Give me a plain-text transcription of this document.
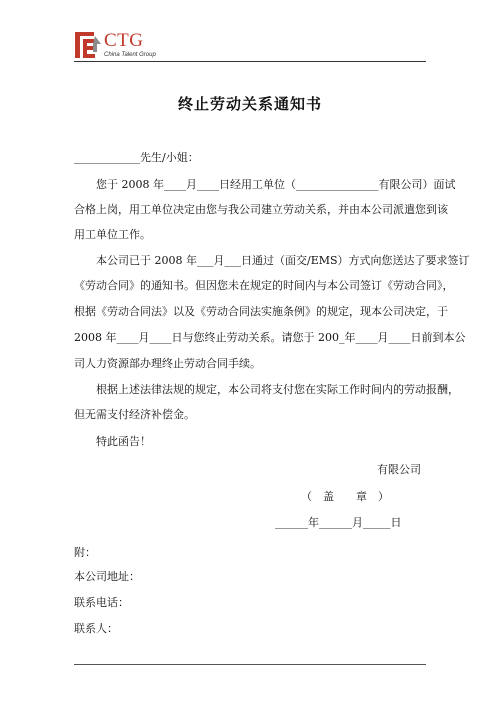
CTG
China Talent Group
终止劳动关系通知书
____________先生/小姐：
您于 2008 年____月____日经用工单位（_______________有限公司）面试
合格上岗，用工单位决定由您与我公司建立劳动关系，并由本公司派遣您到该
用工单位工作。
本公司已于 2008 年___月___日通过（面交/EMS）方式向您送达了要求签订
《劳动合同》的通知书。但因您未在规定的时间内与本公司签订《劳动合同》，
根据《劳动合同法》以及《劳动合同法实施条例》的规定，现本公司决定，于
2008 年____月____日与您终止劳动关系。请您于 200_年____月____日前到本公
司人力资源部办理终止劳动合同手续。
根据上述法律法规的规定，本公司将支付您在实际工作时间内的劳动报酬，
但无需支付经济补偿金。
特此函告！
有限公司
（　盖　　章　）
______年______月_____日
附：
本公司地址：
联系电话：
联系人：
